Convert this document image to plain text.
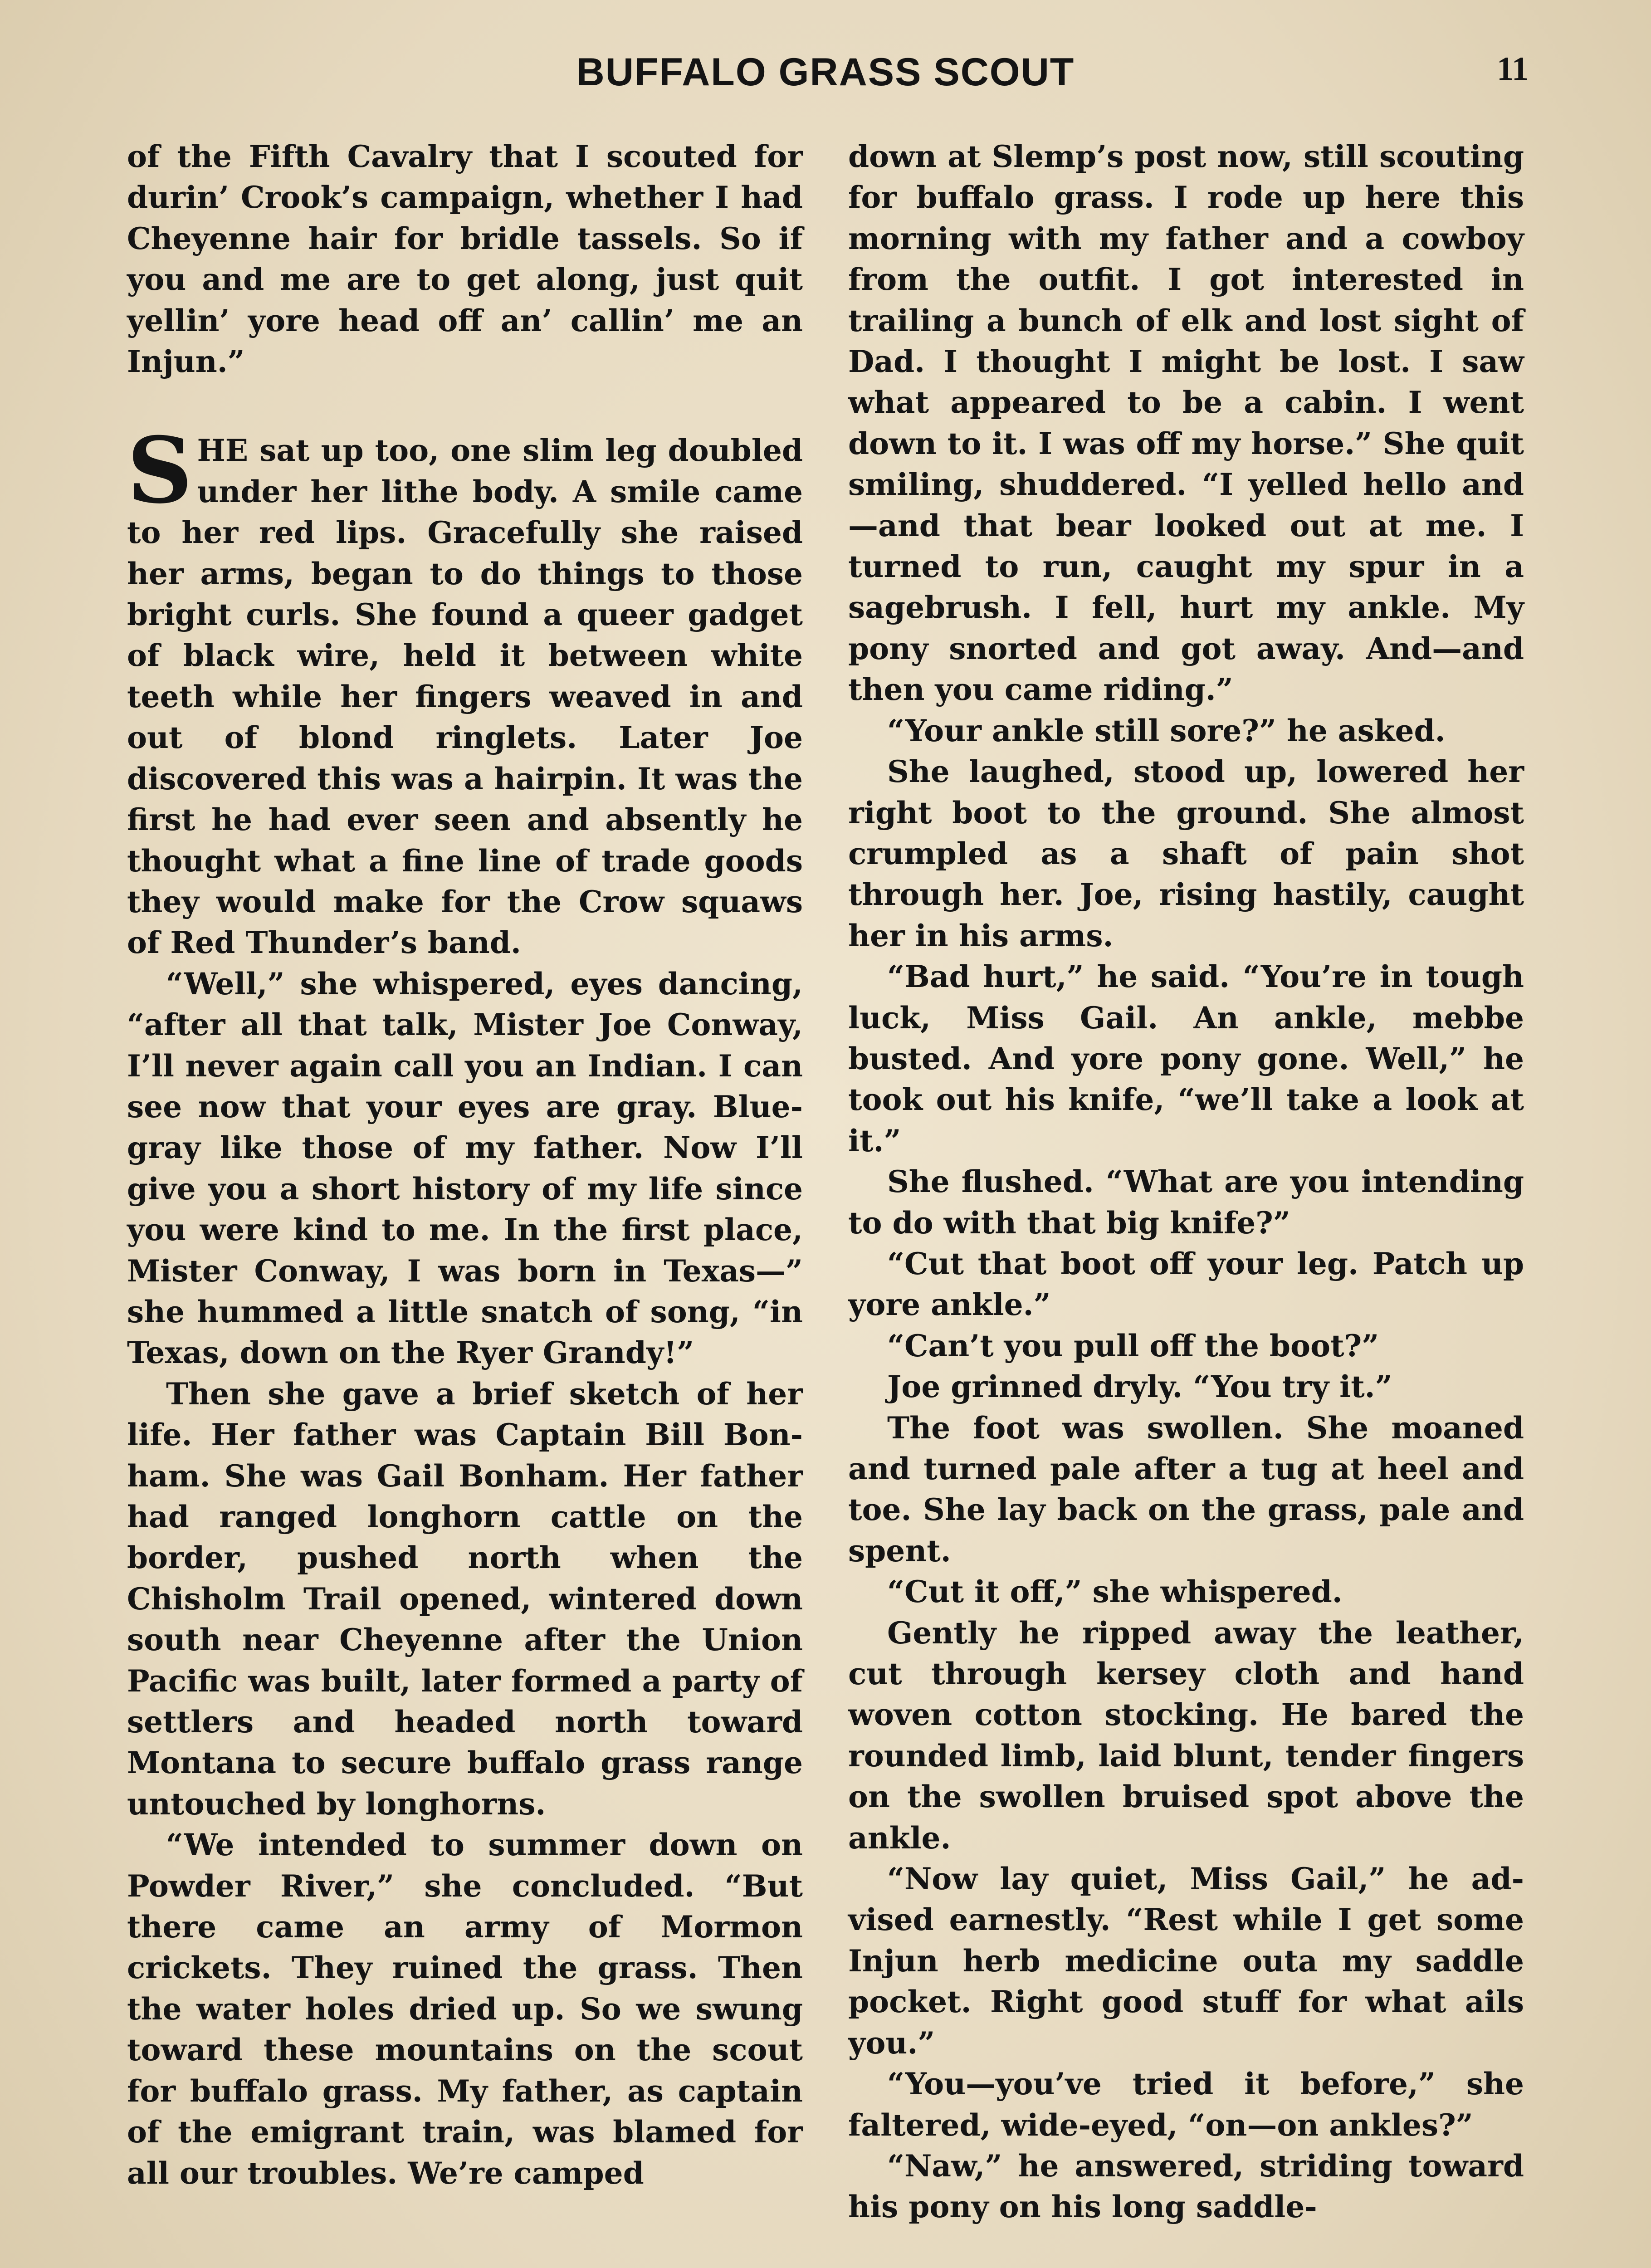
BUFFALO GRASS SCOUT	11

of the Fifth Cavalry that I scouted for durin’ Crook’s campaign, whether I had Cheyenne hair for bridle tassels. So if you and me are to get along, just quit yellin’ yore head off an’ callin’ me an Injun.”

SHE sat up too, one slim leg doubled under her lithe body. A smile came to her red lips. Gracefully she raised her arms, began to do things to those bright curls. She found a queer gadget of black wire, held it between white teeth while her fingers weaved in and out of blond ringlets. Later Joe discovered this was a hairpin. It was the first he had ever seen and absently he thought what a fine line of trade goods they would make for the Crow squaws of Red Thunder’s band.

“Well,” she whispered, eyes dancing, “after all that talk, Mister Joe Conway, I’ll never again call you an Indian. I can see now that your eyes are gray. Blue-gray like those of my father. Now I’ll give you a short history of my life since you were kind to me. In the first place, Mister Conway, I was born in Texas—” she hummed a little snatch of song, “in Texas, down on the Ryer Grandy!”

Then she gave a brief sketch of her life. Her father was Captain Bill Bonham. She was Gail Bonham. Her father had ranged longhorn cattle on the border, pushed north when the Chisholm Trail opened, wintered down south near Cheyenne after the Union Pacific was built, later formed a party of settlers and headed north toward Montana to secure buffalo grass range untouched by longhorns.

“We intended to summer down on Powder River,” she concluded. “But there came an army of Mormon crickets. They ruined the grass. Then the water holes dried up. So we swung toward these mountains on the scout for buffalo grass. My father, as captain of the emigrant train, was blamed for all our troubles. We’re camped

down at Slemp’s post now, still scouting for buffalo grass. I rode up here this morning with my father and a cowboy from the outfit. I got interested in trailing a bunch of elk and lost sight of Dad. I thought I might be lost. I saw what appeared to be a cabin. I went down to it. I was off my horse.” She quit smiling, shuddered. “I yelled hello and—and that bear looked out at me. I turned to run, caught my spur in a sagebrush. I fell, hurt my ankle. My pony snorted and got away. And—and then you came riding.”

“Your ankle still sore?” he asked.

She laughed, stood up, lowered her right boot to the ground. She almost crumpled as a shaft of pain shot through her. Joe, rising hastily, caught her in his arms.

“Bad hurt,” he said. “You’re in tough luck, Miss Gail. An ankle, mebbe busted. And yore pony gone. Well,” he took out his knife, “we’ll take a look at it.”

She flushed. “What are you intending to do with that big knife?”

“Cut that boot off your leg. Patch up yore ankle.”

“Can’t you pull off the boot?”

Joe grinned dryly. “You try it.”

The foot was swollen. She moaned and turned pale after a tug at heel and toe. She lay back on the grass, pale and spent.

“Cut it off,” she whispered.

Gently he ripped away the leather, cut through kersey cloth and hand woven cotton stocking. He bared the rounded limb, laid blunt, tender fingers on the swollen bruised spot above the ankle.

“Now lay quiet, Miss Gail,” he advised earnestly. “Rest while I get some Injun herb medicine outa my saddle pocket. Right good stuff for what ails you.”

“You—you’ve tried it before,” she faltered, wide-eyed, “on—on ankles?”

“Naw,” he answered, striding toward his pony on his long saddle-
